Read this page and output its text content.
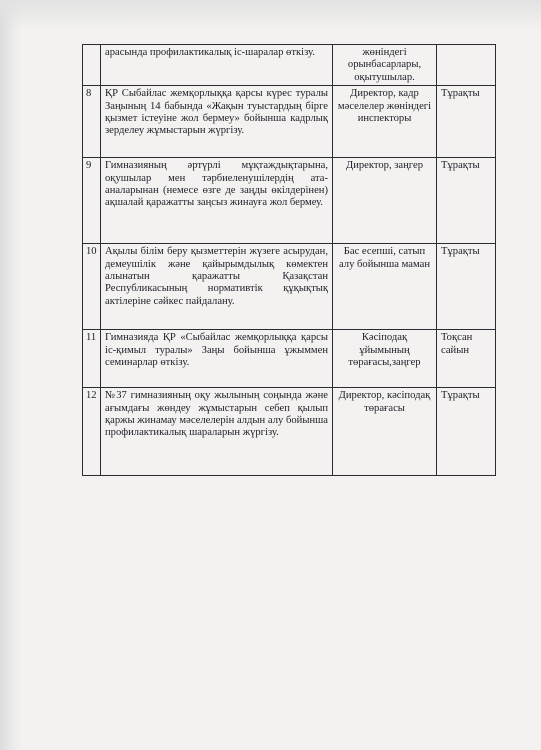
	арасында профилактикалық іс-шаралар өткізу.	жөніндегі орынбасарлары, оқытушылар.	
8	ҚР Сыбайлас жемқорлыққа қарсы күрес туралы Заңының 14 бабында «Жақын туыстардың бірге қызмет істеуіне жол бермеу» бойынша кадрлық зерделеу жұмыстарын жүргізу.	Директор, кадр мәселелер жөніндегі инспекторы	Тұрақты
9	Гимназияның әртүрлі мұқтаждықтарына, оқушылар мен тәрбиеленушілердің ата-аналарынан (немесе өзге де заңды өкілдерінен) ақшалай қаражатты заңсыз жинауға жол бермеу.	Директор, заңгер	Тұрақты
10	Ақылы білім беру қызметтерін жүзеге асырудан, демеушілік және қайырымдылық көмектен алынатын қаражатты Қазақстан Республикасының нормативтік құқықтық актілеріне сәйкес пайдалану.	Бас есепші, сатып алу бойынша маман	Тұрақты
11	Гимназияда ҚР «Сыбайлас жемқорлыққа қарсы іс-қимыл туралы» Заңы бойынша ұжыммен семинарлар өткізу.	Кәсіподақ ұйымының төрағасы,заңгер	Тоқсан сайын
12	№37 гимназияның оқу жылының соңында және ағымдағы жөндеу жұмыстарын себеп қылып қаржы жинамау мәселелерін алдын алу бойынша профилактикалық шараларын жүргізу.	Директор, кәсіподақ төрағасы	Тұрақты
